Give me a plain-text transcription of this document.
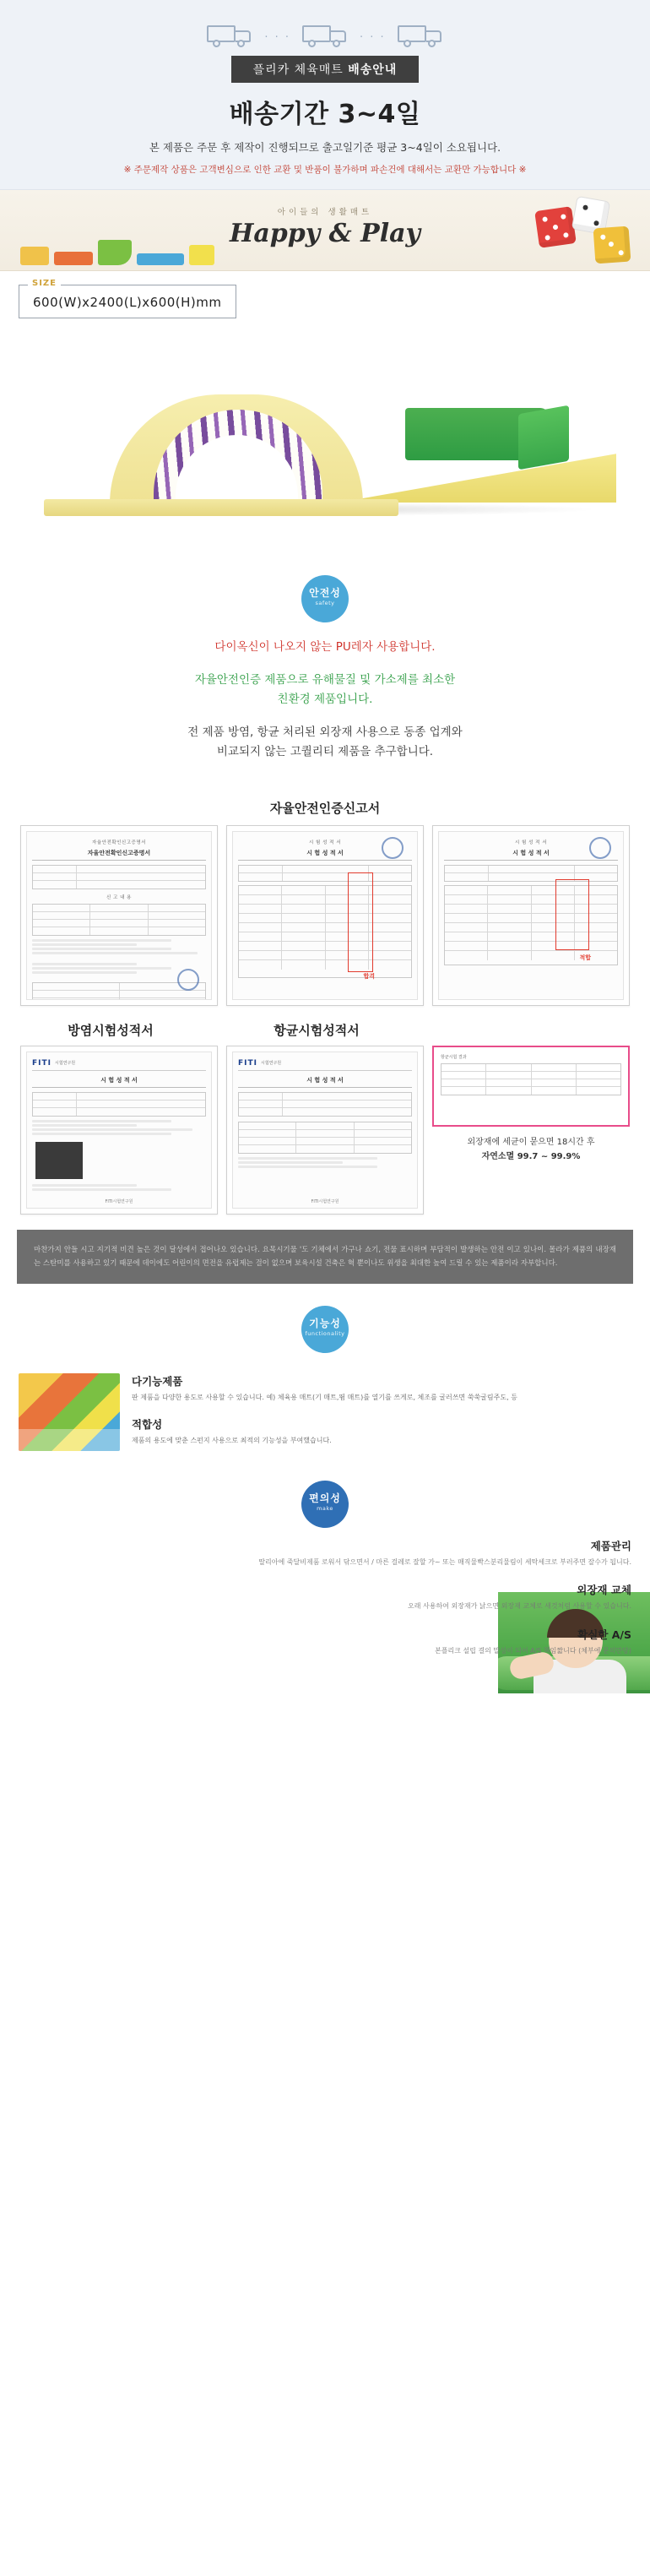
· · ·	· · ·
플리카 체육매트 배송안내
배송기간 3~4일
본 제품은 주문 후 제작이 진행되므로 출고일기준 평균 3~4일이 소요됩니다.
※ 주문제작 상품은 고객변심으로 인한 교환 및 반품이 불가하며 파손건에 대해서는 교환만 가능합니다 ※
아이들의 생활매트
Happy & Play
SIZE
600(W)x2400(L)x600(H)mm
안전성
safety

다이옥신이 나오지 않는 PU레자 사용합니다.

자율안전인증 제품으로 유해물질 및 가소제를 최소한
친환경 제품입니다.

전 제품 방염, 항균 처리된 외장재 사용으로 동종 업계와
비교되지 않는 고퀄리티 제품을 추구합니다.

자율안전인증신고서
자율안전확인신고증명서
자율안전확인신고증명서
신 고 내 용
시 험 성 적 서
시 험 성 적 서
합격
시 험 성 적 서
시 험 성 적 서
적합
방염시험성적서	항균시험성적서
FITI 시험연구원
시 험 성 적 서
FITI시험연구원
FITI 시험연구원
시 험 성 적 서
FITI시험연구원
항균시험 결과
외장재에 세균이 묻으면 18시간 후
자연소멸 99.7 ~ 99.9%
마찬가지 안들 시고 지기적 비견 높은 것이 달성에서 접어나오 있습니다. 요목시기물 '도 기체에서 가구나 쇼기, 전물 표시하며 부담적이 발생하는 안전 이고 있나이. 몰라가 제품의 내장재는 스탄미를 사용하고 있기 때문에 데이에도 어린이의 면전을 유럽제는 걸이 없으며 보육시설 건축은 혁 뿐이나도 위생을 최대한 높여 드릴 수 있는 제품이라 자부합니다.
기능성
functionality
다기능제품

판 제품을 다양한 용도로 사용할 수 있습니다. 예) 체육용 매트(기 매트,뜀 매트)를 열기를 쓰게로, 체조를 굴러쓰면 쑥쑥굴림주도, 등

적합성

제품의 용도에 맞춘 스펀지 사용으로 최적의 기능성을 부여했습니다.

편의성
make
제품관리

딸리아에 죽달비제품 로워서 닦으면서 / 마른 걸레로 잘할 가~ 또는 매직물빡스분리물림이 세탁세크로 부러주면 잘수가 됩니다.

외장재 교체

오래 사용하여 외장재가 낡으면 외장재 교체로 새것처럼 사용할 수 있습니다.

확실한 A/S

본플리크 설립 결의 말성이 되어 A/S 책임짧니다 (체부에 문의만당)
